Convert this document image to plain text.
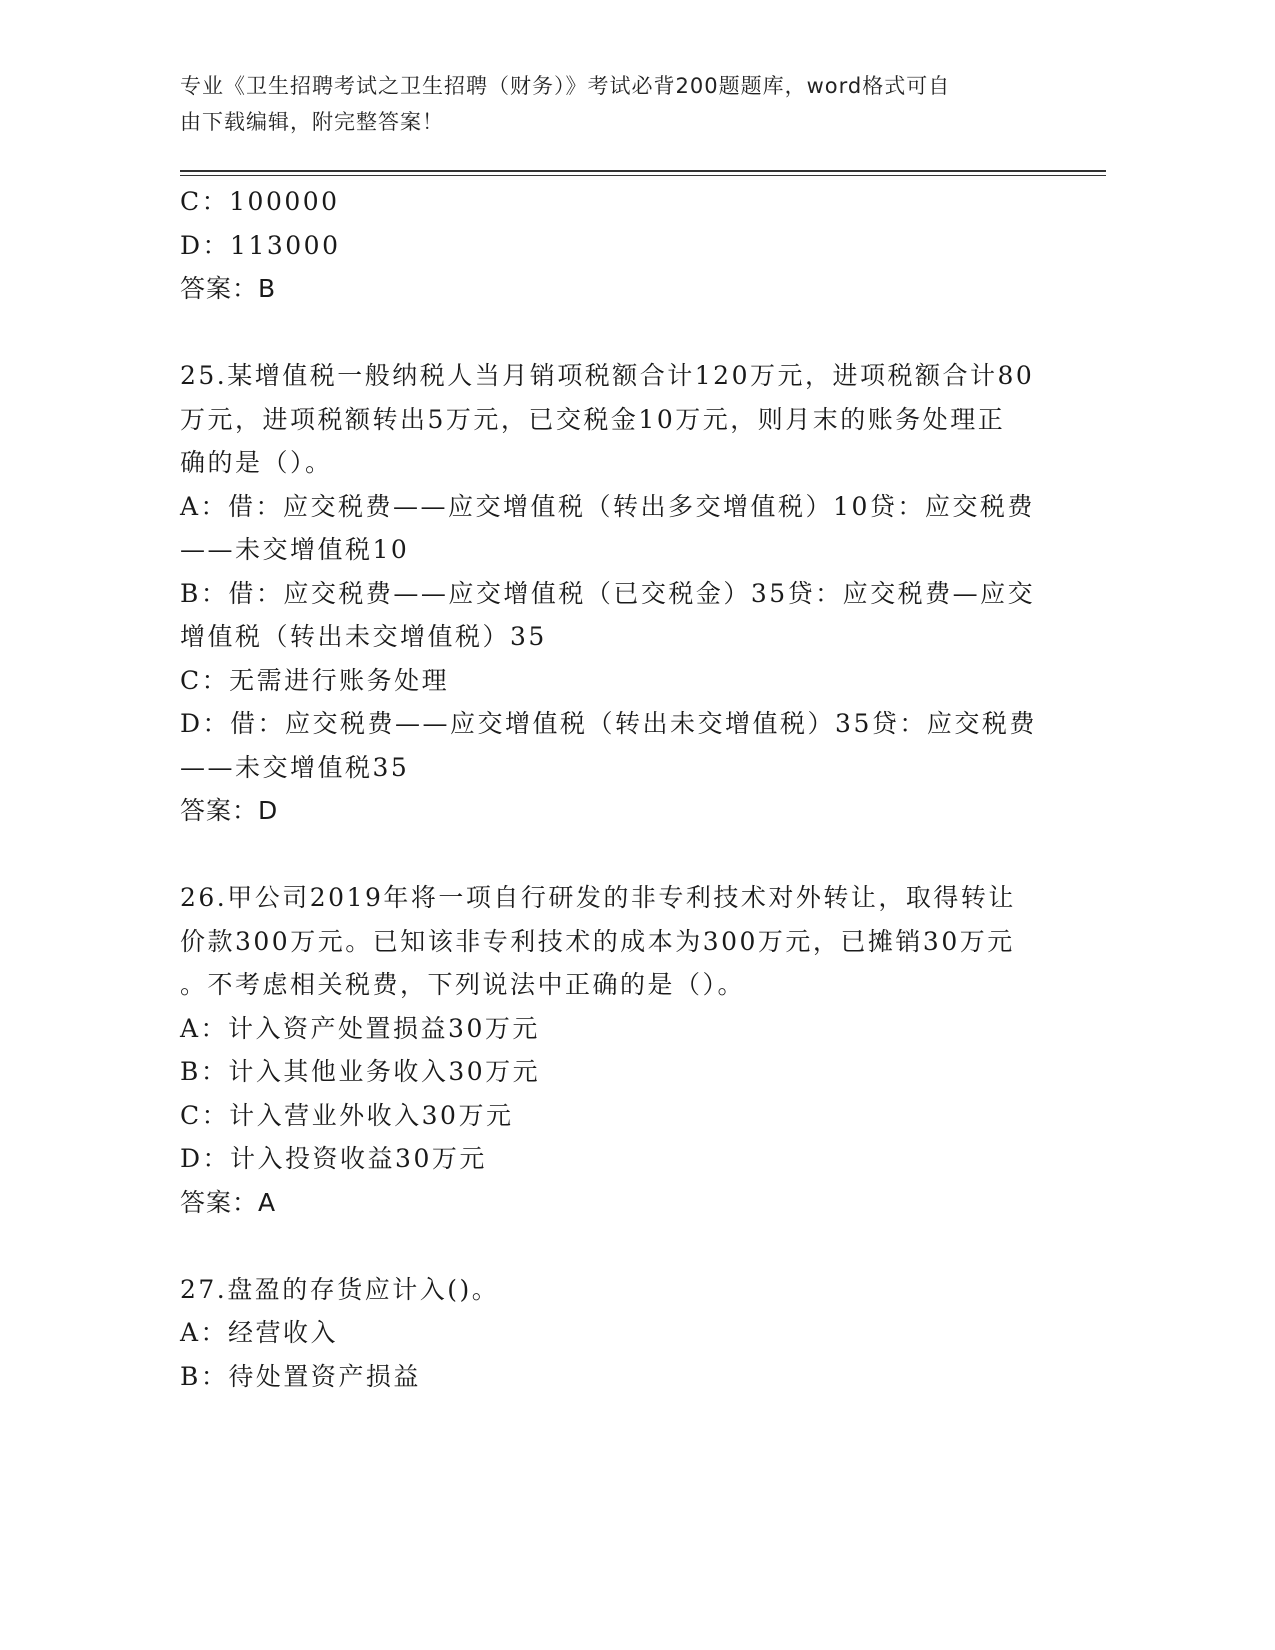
专业《卫生招聘考试之卫生招聘（财务）》考试必背200题题库，word格式可自
由下载编辑，附完整答案！
C：100000
D：113000
答案：B
25.某增值税一般纳税人当月销项税额合计120万元，进项税额合计80
万元，进项税额转出5万元，已交税金10万元，则月末的账务处理正
确的是（）。
A：借：应交税费——应交增值税（转出多交增值税）10贷：应交税费
——未交增值税10
B：借：应交税费——应交增值税（已交税金）35贷：应交税费—应交
增值税（转出未交增值税）35
C：无需进行账务处理
D：借：应交税费——应交增值税（转出未交增值税）35贷：应交税费
——未交增值税35
答案：D
26.甲公司2019年将一项自行研发的非专利技术对外转让，取得转让
价款300万元。已知该非专利技术的成本为300万元，已摊销30万元
。不考虑相关税费，下列说法中正确的是（）。
A：计入资产处置损益30万元
B：计入其他业务收入30万元
C：计入营业外收入30万元
D：计入投资收益30万元
答案：A
27.盘盈的存货应计入()。
A：经营收入
B：待处置资产损益
